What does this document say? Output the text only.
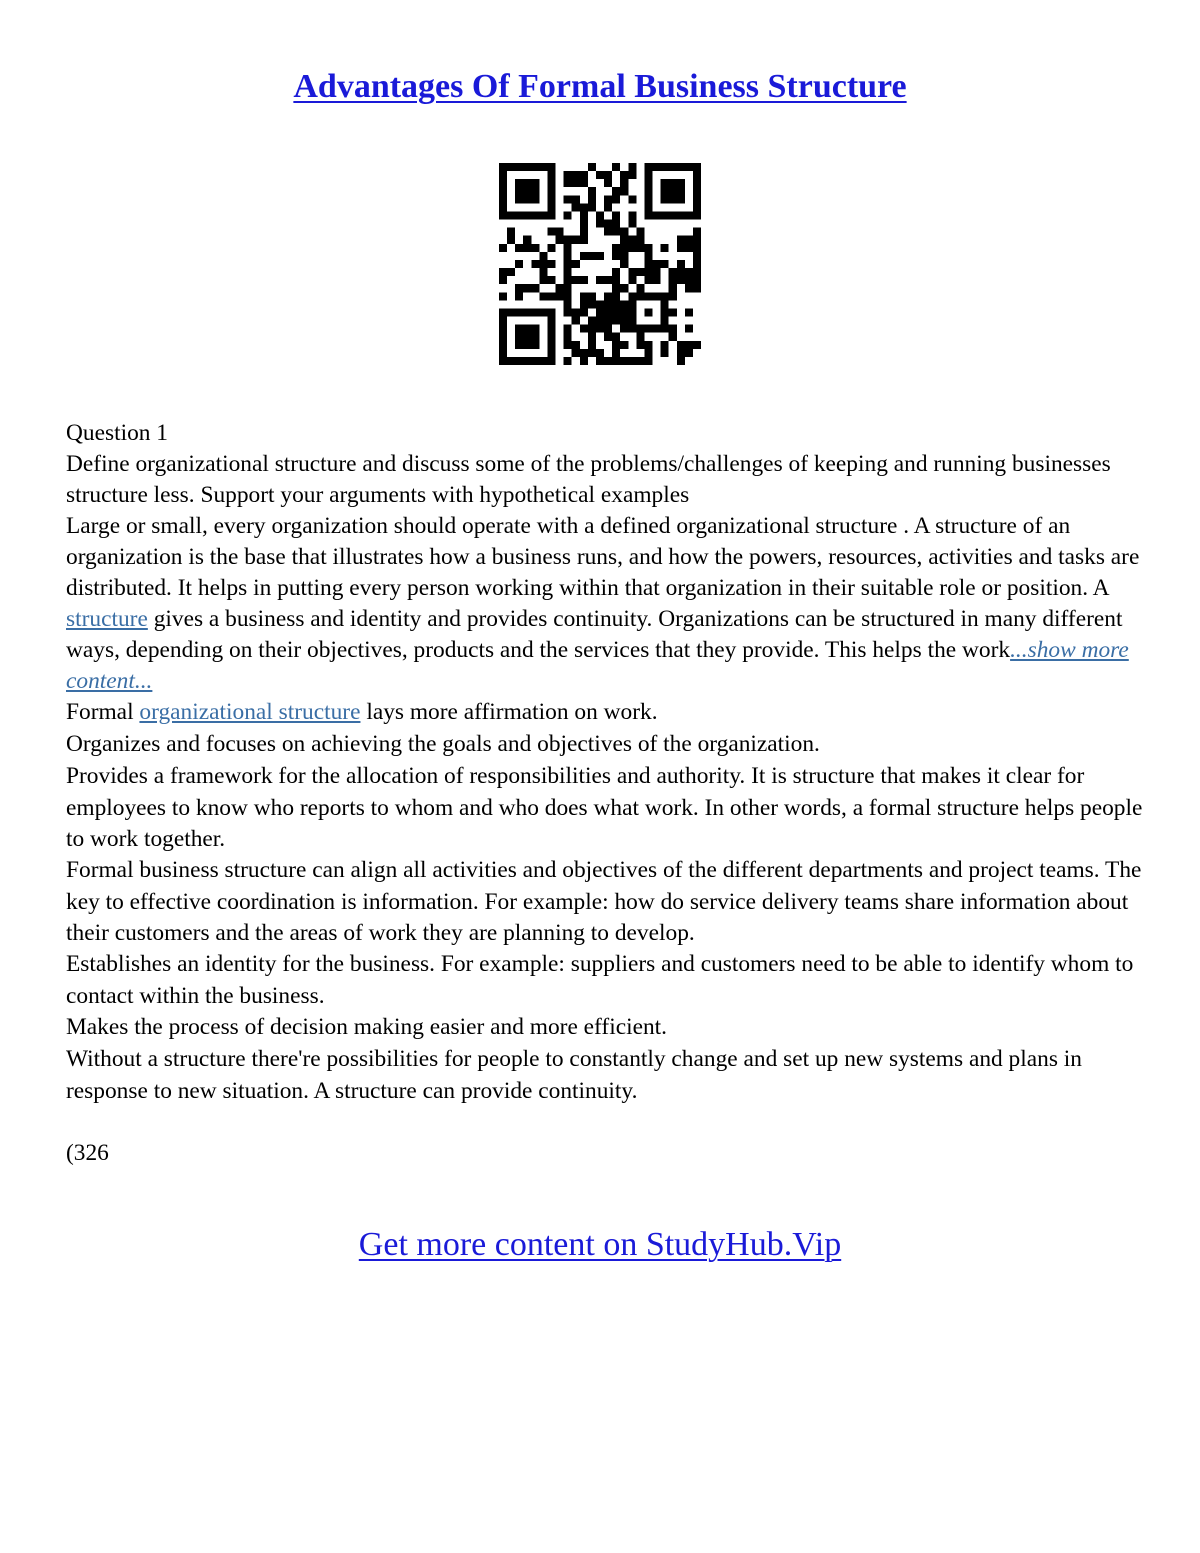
Advantages Of Formal Business Structure

Question 1

Define organizational structure and discuss some of the problems/challenges of keeping and running businesses structure less. Support your arguments with hypothetical examples

Large or small, every organization should operate with a defined organizational structure . A structure of an organization is the base that illustrates how a business runs, and how the powers, resources, activities and tasks are distributed. It helps in putting every person working within that organization in their suitable role or position. A structure gives a business and identity and provides continuity. Organizations can be structured in many different ways, depending on their objectives, products and the services that they provide. This helps the work...show more content...

Formal organizational structure lays more affirmation on work.

Organizes and focuses on achieving the goals and objectives of the organization.

Provides a framework for the allocation of responsibilities and authority. It is structure that makes it clear for employees to know who reports to whom and who does what work. In other words, a formal structure helps people to work together.

Formal business structure can align all activities and objectives of the different departments and project teams. The key to effective coordination is information. For example: how do service delivery teams share information about their customers and the areas of work they are planning to develop.

Establishes an identity for the business. For example: suppliers and customers need to be able to identify whom to contact within the business.

Makes the process of decision making easier and more efficient.

Without a structure there're possibilities for people to constantly change and set up new systems and plans in response to new situation. A structure can provide continuity.

(326

Get more content on StudyHub.Vip
